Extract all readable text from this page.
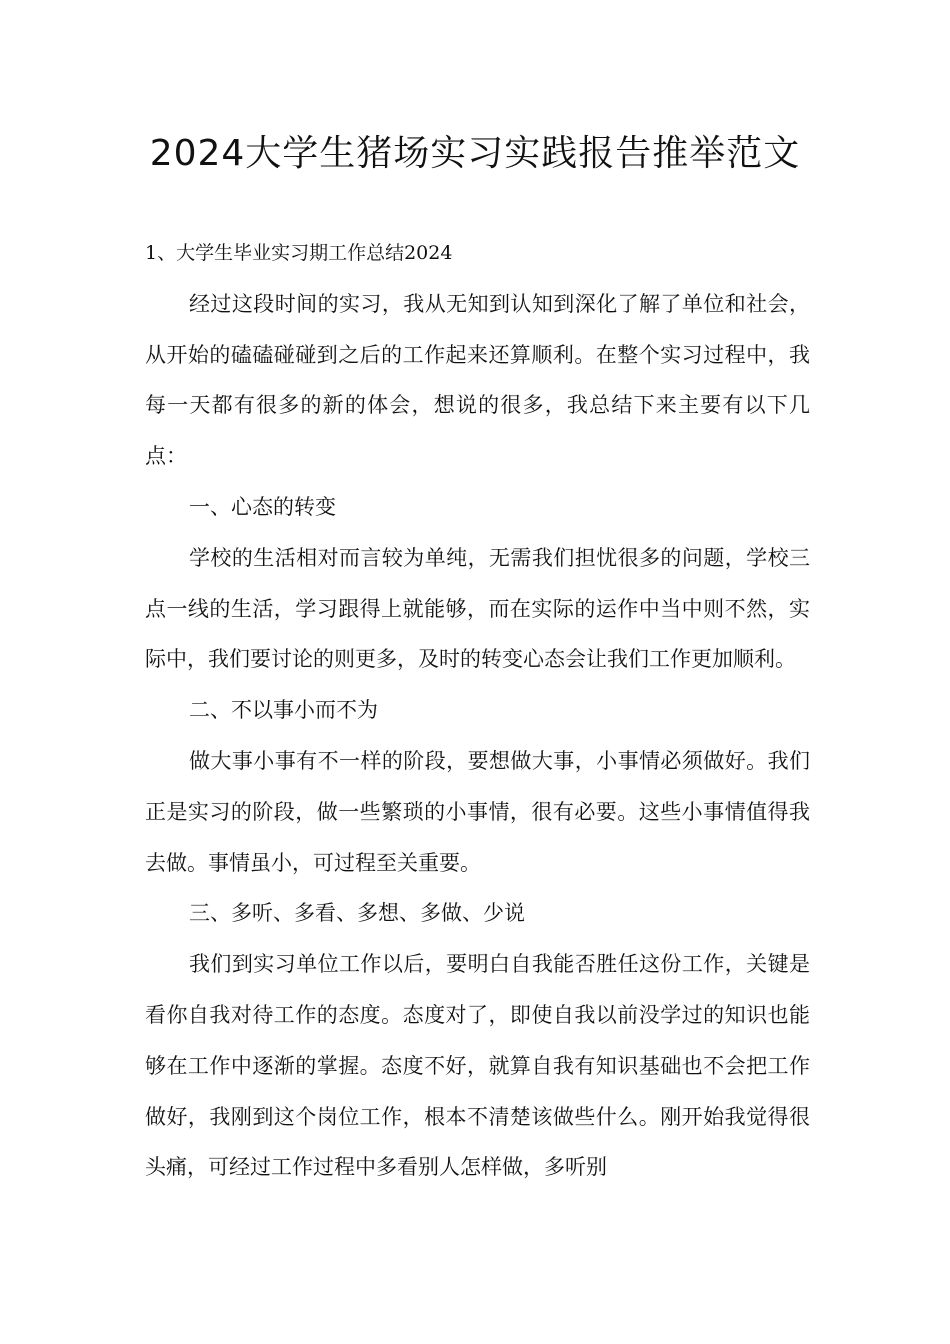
2024大学生猪场实习实践报告推举范文

1、大学生毕业实习期工作总结2024

经过这段时间的实习，我从无知到认知到深化了解了单位和社会，从开始的磕磕碰碰到之后的工作起来还算顺利。在整个实习过程中，我每一天都有很多的新的体会，想说的很多，我总结下来主要有以下几点：

一、心态的转变

学校的生活相对而言较为单纯，无需我们担忧很多的问题，学校三点一线的生活，学习跟得上就能够，而在实际的运作中当中则不然，实际中，我们要讨论的则更多，及时的转变心态会让我们工作更加顺利。

二、不以事小而不为

做大事小事有不一样的阶段，要想做大事，小事情必须做好。我们正是实习的阶段，做一些繁琐的小事情，很有必要。这些小事情值得我去做。事情虽小，可过程至关重要。

三、多听、多看、多想、多做、少说

我们到实习单位工作以后，要明白自我能否胜任这份工作，关键是看你自我对待工作的态度。态度对了，即使自我以前没学过的知识也能够在工作中逐渐的掌握。态度不好，就算自我有知识基础也不会把工作做好，我刚到这个岗位工作，根本不清楚该做些什么。刚开始我觉得很头痛，可经过工作过程中多看别人怎样做，多听别
